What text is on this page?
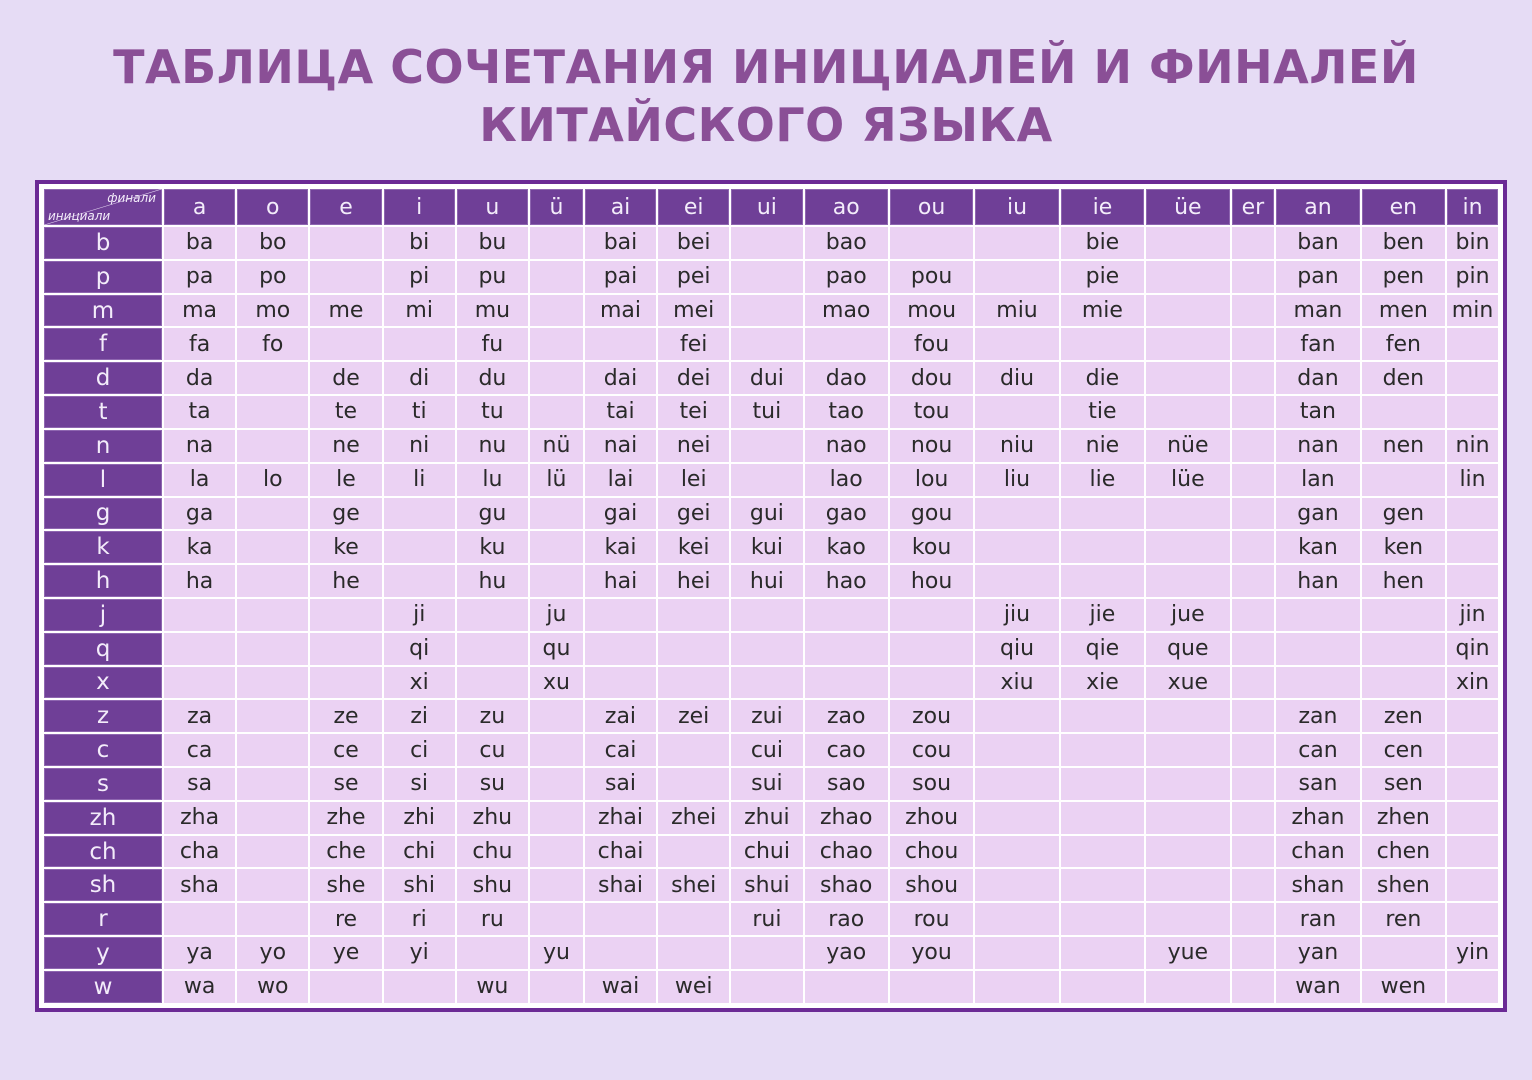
ТАБЛИЦА СОЧЕТАНИЯ ИНИЦИАЛЕЙ И ФИНАЛЕЙ
КИТАЙСКОГО ЯЗЫКА
финали
инициали	a	o	e	i	u	ü	ai	ei	ui	ao	ou	iu	ie	üe	er	an	en	in
b	ba	bo		bi	bu		bai	bei		bao			bie			ban	ben	bin
p	pa	po		pi	pu		pai	pei		pao	pou		pie			pan	pen	pin
m	ma	mo	me	mi	mu		mai	mei		mao	mou	miu	mie			man	men	min
f	fa	fo			fu			fei			fou					fan	fen	
d	da		de	di	du		dai	dei	dui	dao	dou	diu	die			dan	den	
t	ta		te	ti	tu		tai	tei	tui	tao	tou		tie			tan		
n	na		ne	ni	nu	nü	nai	nei		nao	nou	niu	nie	nüe		nan	nen	nin
l	la	lo	le	li	lu	lü	lai	lei		lao	lou	liu	lie	lüe		lan		lin
g	ga		ge		gu		gai	gei	gui	gao	gou					gan	gen	
k	ka		ke		ku		kai	kei	kui	kao	kou					kan	ken	
h	ha		he		hu		hai	hei	hui	hao	hou					han	hen	
j				ji		ju						jiu	jie	jue				jin
q				qi		qu						qiu	qie	que				qin
x				xi		xu						xiu	xie	xue				xin
z	za		ze	zi	zu		zai	zei	zui	zao	zou					zan	zen	
c	ca		ce	ci	cu		cai		cui	cao	cou					can	cen	
s	sa		se	si	su		sai		sui	sao	sou					san	sen	
zh	zha		zhe	zhi	zhu		zhai	zhei	zhui	zhao	zhou					zhan	zhen	
ch	cha		che	chi	chu		chai		chui	chao	chou					chan	chen	
sh	sha		she	shi	shu		shai	shei	shui	shao	shou					shan	shen	
r			re	ri	ru				rui	rao	rou					ran	ren	
y	ya	yo	ye	yi		yu				yao	you			yue		yan		yin
w	wa	wo			wu		wai	wei								wan	wen	
